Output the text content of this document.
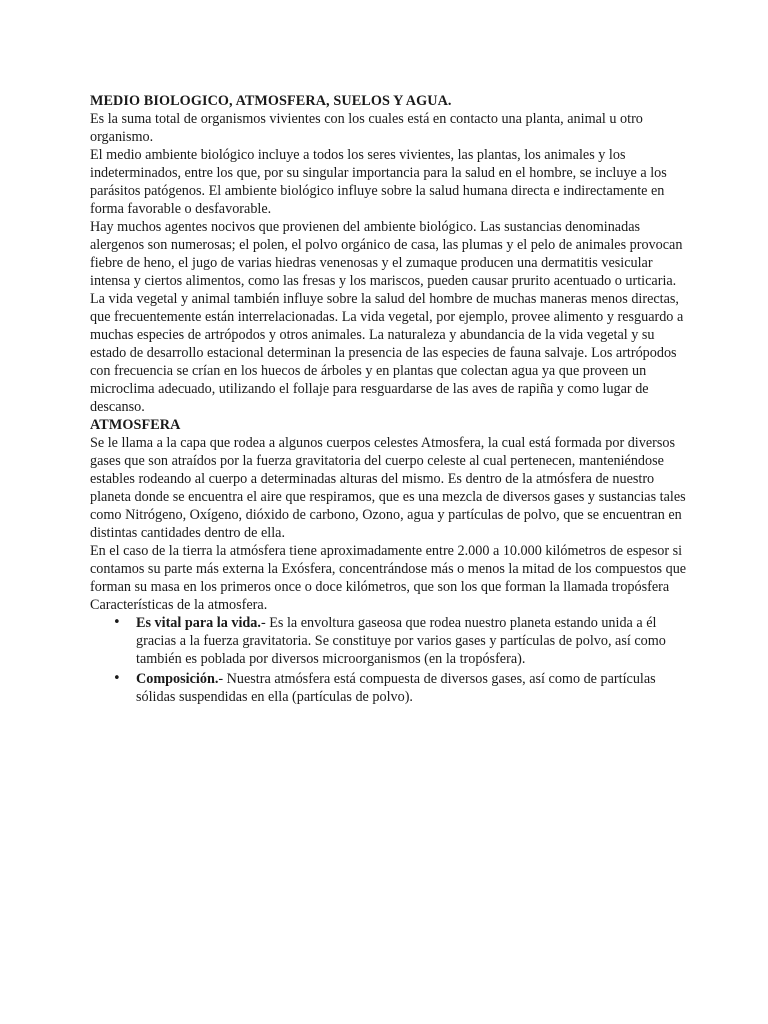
MEDIO BIOLOGICO, ATMOSFERA, SUELOS Y AGUA.

Es la suma total de organismos vivientes con los cuales está en contacto una planta, animal u otro organismo.

El medio ambiente biológico incluye a todos los seres vivientes, las plantas, los animales y los indeterminados, entre los que, por su singular importancia para la salud en el hombre, se incluye a los parásitos patógenos. El ambiente biológico influye sobre la salud humana directa e indirectamente en forma favorable o desfavorable.

Hay muchos agentes nocivos que provienen del ambiente biológico. Las sustancias denominadas alergenos son numerosas; el polen, el polvo orgánico de casa, las plumas y el pelo de animales provocan fiebre de heno, el jugo de varias hiedras venenosas y el zumaque producen una dermatitis vesicular intensa y ciertos alimentos, como las fresas y los mariscos, pueden causar prurito acentuado o urticaria.

La vida vegetal y animal también influye sobre la salud del hombre de muchas maneras menos directas, que frecuentemente están interrelacionadas. La vida vegetal, por ejemplo, provee alimento y resguardo a muchas especies de artrópodos y otros animales. La naturaleza y abundancia de la vida vegetal y su estado de desarrollo estacional determinan la presencia de las especies de fauna salvaje. Los artrópodos con frecuencia se crían en los huecos de árboles y en plantas que colectan agua ya que proveen un microclima adecuado, utilizando el follaje para resguardarse de las aves de rapiña y como lugar de descanso.

ATMOSFERA

Se le llama a la capa que rodea a algunos cuerpos celestes Atmosfera, la cual está formada por diversos gases que son atraídos por la fuerza gravitatoria del cuerpo celeste al cual pertenecen, manteniéndose estables rodeando al cuerpo a determinadas alturas del mismo. Es dentro de la atmósfera de nuestro planeta donde se encuentra el aire que respiramos, que es una mezcla de diversos gases y sustancias tales como Nitrógeno, Oxígeno, dióxido de carbono, Ozono, agua y partículas de polvo, que se encuentran en distintas cantidades dentro de ella.

En el caso de la tierra la atmósfera tiene aproximadamente entre 2.000 a 10.000 kilómetros de espesor si contamos su parte más externa la Exósfera, concentrándose más o menos la mitad de los compuestos que forman su masa en los primeros once o doce kilómetros, que son los que forman la llamada tropósfera

Características de la atmosfera.

• Es vital para la vida.- Es la envoltura gaseosa que rodea nuestro planeta estando unida a él gracias a la fuerza gravitatoria. Se constituye por varios gases y partículas de polvo, así como también es poblada por diversos microorganismos (en la tropósfera).
• Composición.- Nuestra atmósfera está compuesta de diversos gases, así como de partículas sólidas suspendidas en ella (partículas de polvo).
